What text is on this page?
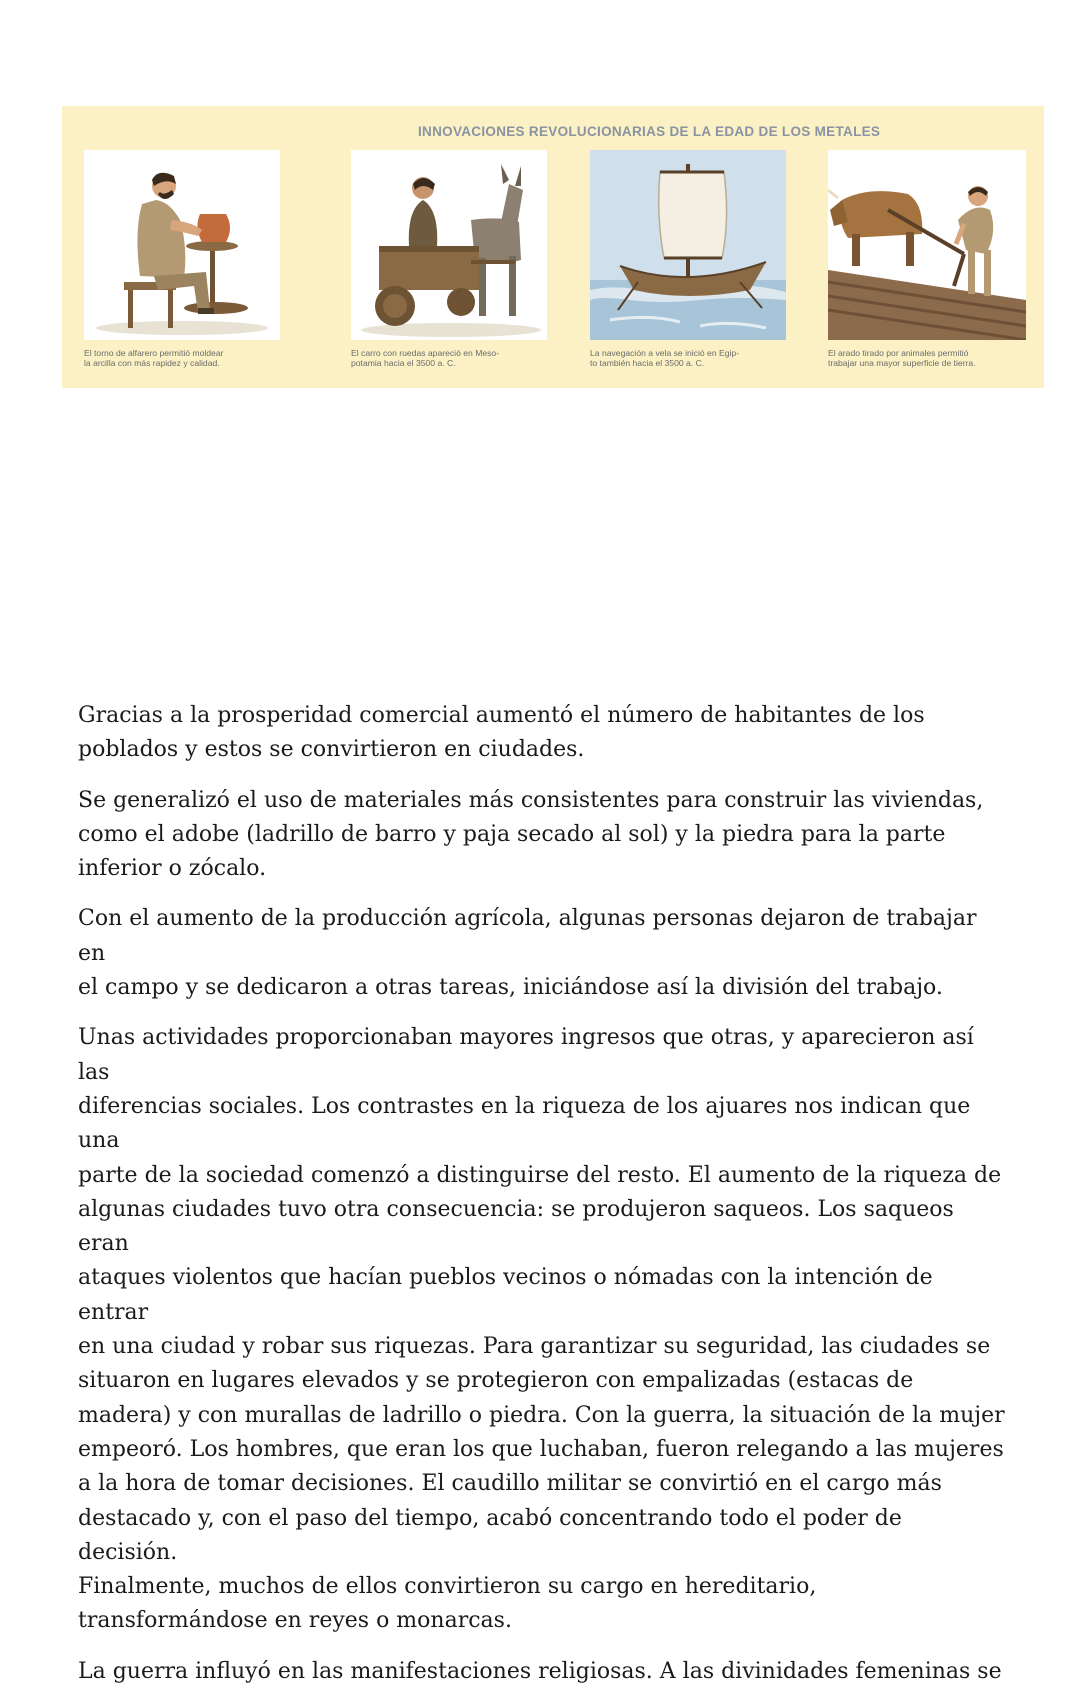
INNOVACIONES REVOLUCIONARIAS DE LA EDAD DE LOS METALES
El torno de alfarero permitió moldear
la arcilla con más rapidez y calidad.
El carro con ruedas apareció en Meso-
potamia hacia el 3500 a. C.
La navegación a vela se inició en Egip-
to también hacia el 3500 a. C.
El arado tirado por animales permitió
trabajar una mayor superficie de tierra.

Gracias a la prosperidad comercial aumentó el número de habitantes de los
poblados y estos se convirtieron en ciudades.

Se generalizó el uso de materiales más consistentes para construir las viviendas,
como el adobe (ladrillo de barro y paja secado al sol) y la piedra para la parte
inferior o zócalo.

Con el aumento de la producción agrícola, algunas personas dejaron de trabajar en
el campo y se dedicaron a otras tareas, iniciándose así la división del trabajo.

Unas actividades proporcionaban mayores ingresos que otras, y aparecieron así las
diferencias sociales. Los contrastes en la riqueza de los ajuares nos indican que una
parte de la sociedad comenzó a distinguirse del resto. El aumento de la riqueza de
algunas ciudades tuvo otra consecuencia: se produjeron saqueos. Los saqueos eran
ataques violentos que hacían pueblos vecinos o nómadas con la intención de entrar
en una ciudad y robar sus riquezas. Para garantizar su seguridad, las ciudades se
situaron en lugares elevados y se protegieron con empalizadas (estacas de
madera) y con murallas de ladrillo o piedra. Con la guerra, la situación de la mujer
empeoró. Los hombres, que eran los que luchaban, fueron relegando a las mujeres
a la hora de tomar decisiones. El caudillo militar se convirtió en el cargo más
destacado y, con el paso del tiempo, acabó concentrando todo el poder de decisión.
Finalmente, muchos de ellos convirtieron su cargo en hereditario,
transformándose en reyes o monarcas.

La guerra influyó en las manifestaciones religiosas. A las divinidades femeninas se
